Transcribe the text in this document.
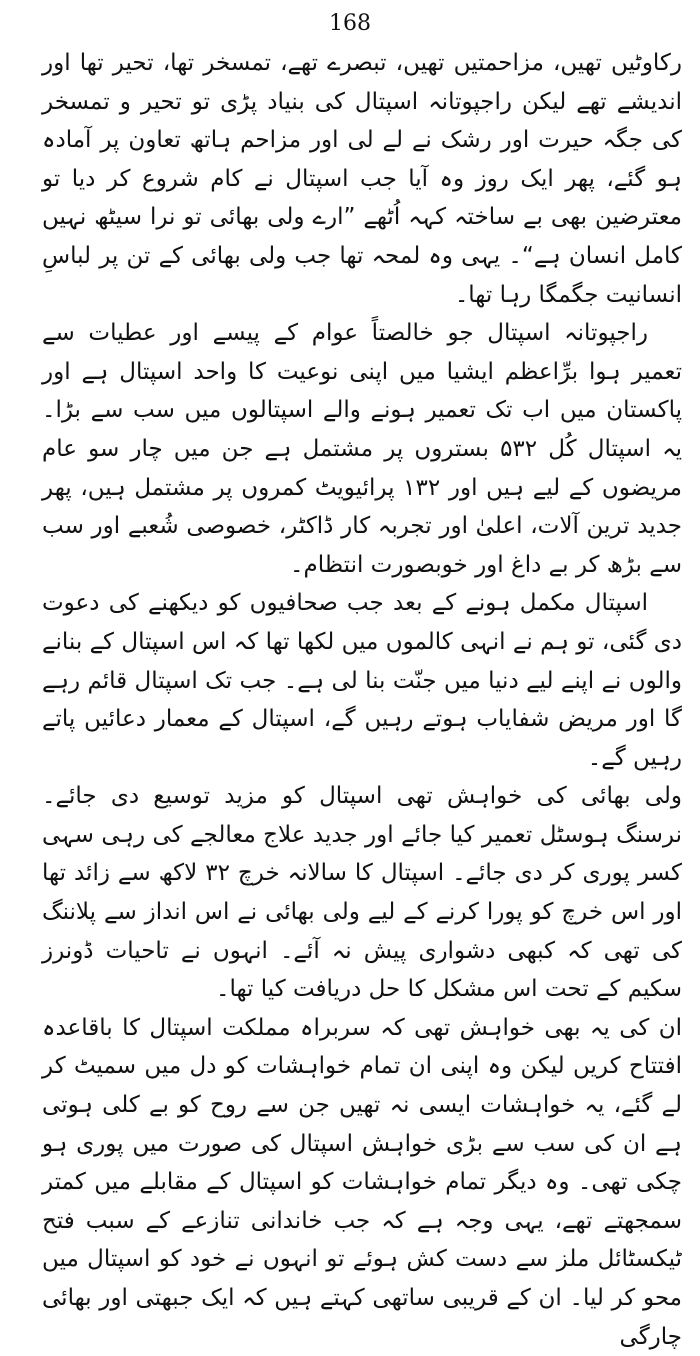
168

رکاوٹیں تھیں، مزاحمتیں تھیں، تبصرے تھے، تمسخر تھا، تحیر تھا اور اندیشے تھے لیکن راجپوتانہ اسپتال کی بنیاد پڑی تو تحیر و تمسخر کی جگہ حیرت اور رشک نے لے لی اور مزاحم ہاتھ تعاون پر آمادہ ہو گئے، پھر ایک روز وہ آیا جب اسپتال نے کام شروع کر دیا تو معترضین بھی بے ساختہ کہہ اُٹھے ”ارے ولی بھائی تو نرا سیٹھ نہیں کامل انسان ہے“۔ یہی وہ لمحہ تھا جب ولی بھائی کے تن پر لباسِ انسانیت جگمگا رہا تھا۔

راجپوتانہ اسپتال جو خالصتاً عوام کے پیسے اور عطیات سے تعمیر ہوا برِّاعظم ایشیا میں اپنی نوعیت کا واحد اسپتال ہے اور پاکستان میں اب تک تعمیر ہونے والے اسپتالوں میں سب سے بڑا۔ یہ اسپتال کُل ۵۳۲ بستروں پر مشتمل ہے جن میں چار سو عام مریضوں کے لیے ہیں اور ۱۳۲ پرائیویٹ کمروں پر مشتمل ہیں، پھر جدید ترین آلات، اعلیٰ اور تجربہ کار ڈاکٹر، خصوصی شُعبے اور سب سے بڑھ کر بے داغ اور خوبصورت انتظام۔

اسپتال مکمل ہونے کے بعد جب صحافیوں کو دیکھنے کی دعوت دی گئی، تو ہم نے انہی کالموں میں لکھا تھا کہ اس اسپتال کے بنانے والوں نے اپنے لیے دنیا میں جنّت بنا لی ہے۔ جب تک اسپتال قائم رہے گا اور مریض شفایاب ہوتے رہیں گے، اسپتال کے معمار دعائیں پاتے رہیں گے۔

ولی بھائی کی خواہش تھی اسپتال کو مزید توسیع دی جائے۔ نرسنگ ہوسٹل تعمیر کیا جائے اور جدید علاج معالجے کی رہی سہی کسر پوری کر دی جائے۔ اسپتال کا سالانہ خرچ ۳۲ لاکھ سے زائد تھا اور اس خرچ کو پورا کرنے کے لیے ولی بھائی نے اس انداز سے پلاننگ کی تھی کہ کبھی دشواری پیش نہ آئے۔ انہوں نے تاحیات ڈونرز سکیم کے تحت اس مشکل کا حل دریافت کیا تھا۔

ان کی یہ بھی خواہش تھی کہ سربراہ مملکت اسپتال کا باقاعدہ افتتاح کریں لیکن وہ اپنی ان تمام خواہشات کو دل میں سمیٹ کر لے گئے، یہ خواہشات ایسی نہ تھیں جن سے روح کو بے کلی ہوتی ہے ان کی سب سے بڑی خواہش اسپتال کی صورت میں پوری ہو چکی تھی۔ وہ دیگر تمام خواہشات کو اسپتال کے مقابلے میں کمتر سمجھتے تھے، یہی وجہ ہے کہ جب خاندانی تنازعے کے سبب فتح ٹیکسٹائل ملز سے دست کش ہوئے تو انہوں نے خود کو اسپتال میں محو کر لیا۔ ان کے قریبی ساتھی کہتے ہیں کہ ایک جبھتی اور بھائی چارگی
